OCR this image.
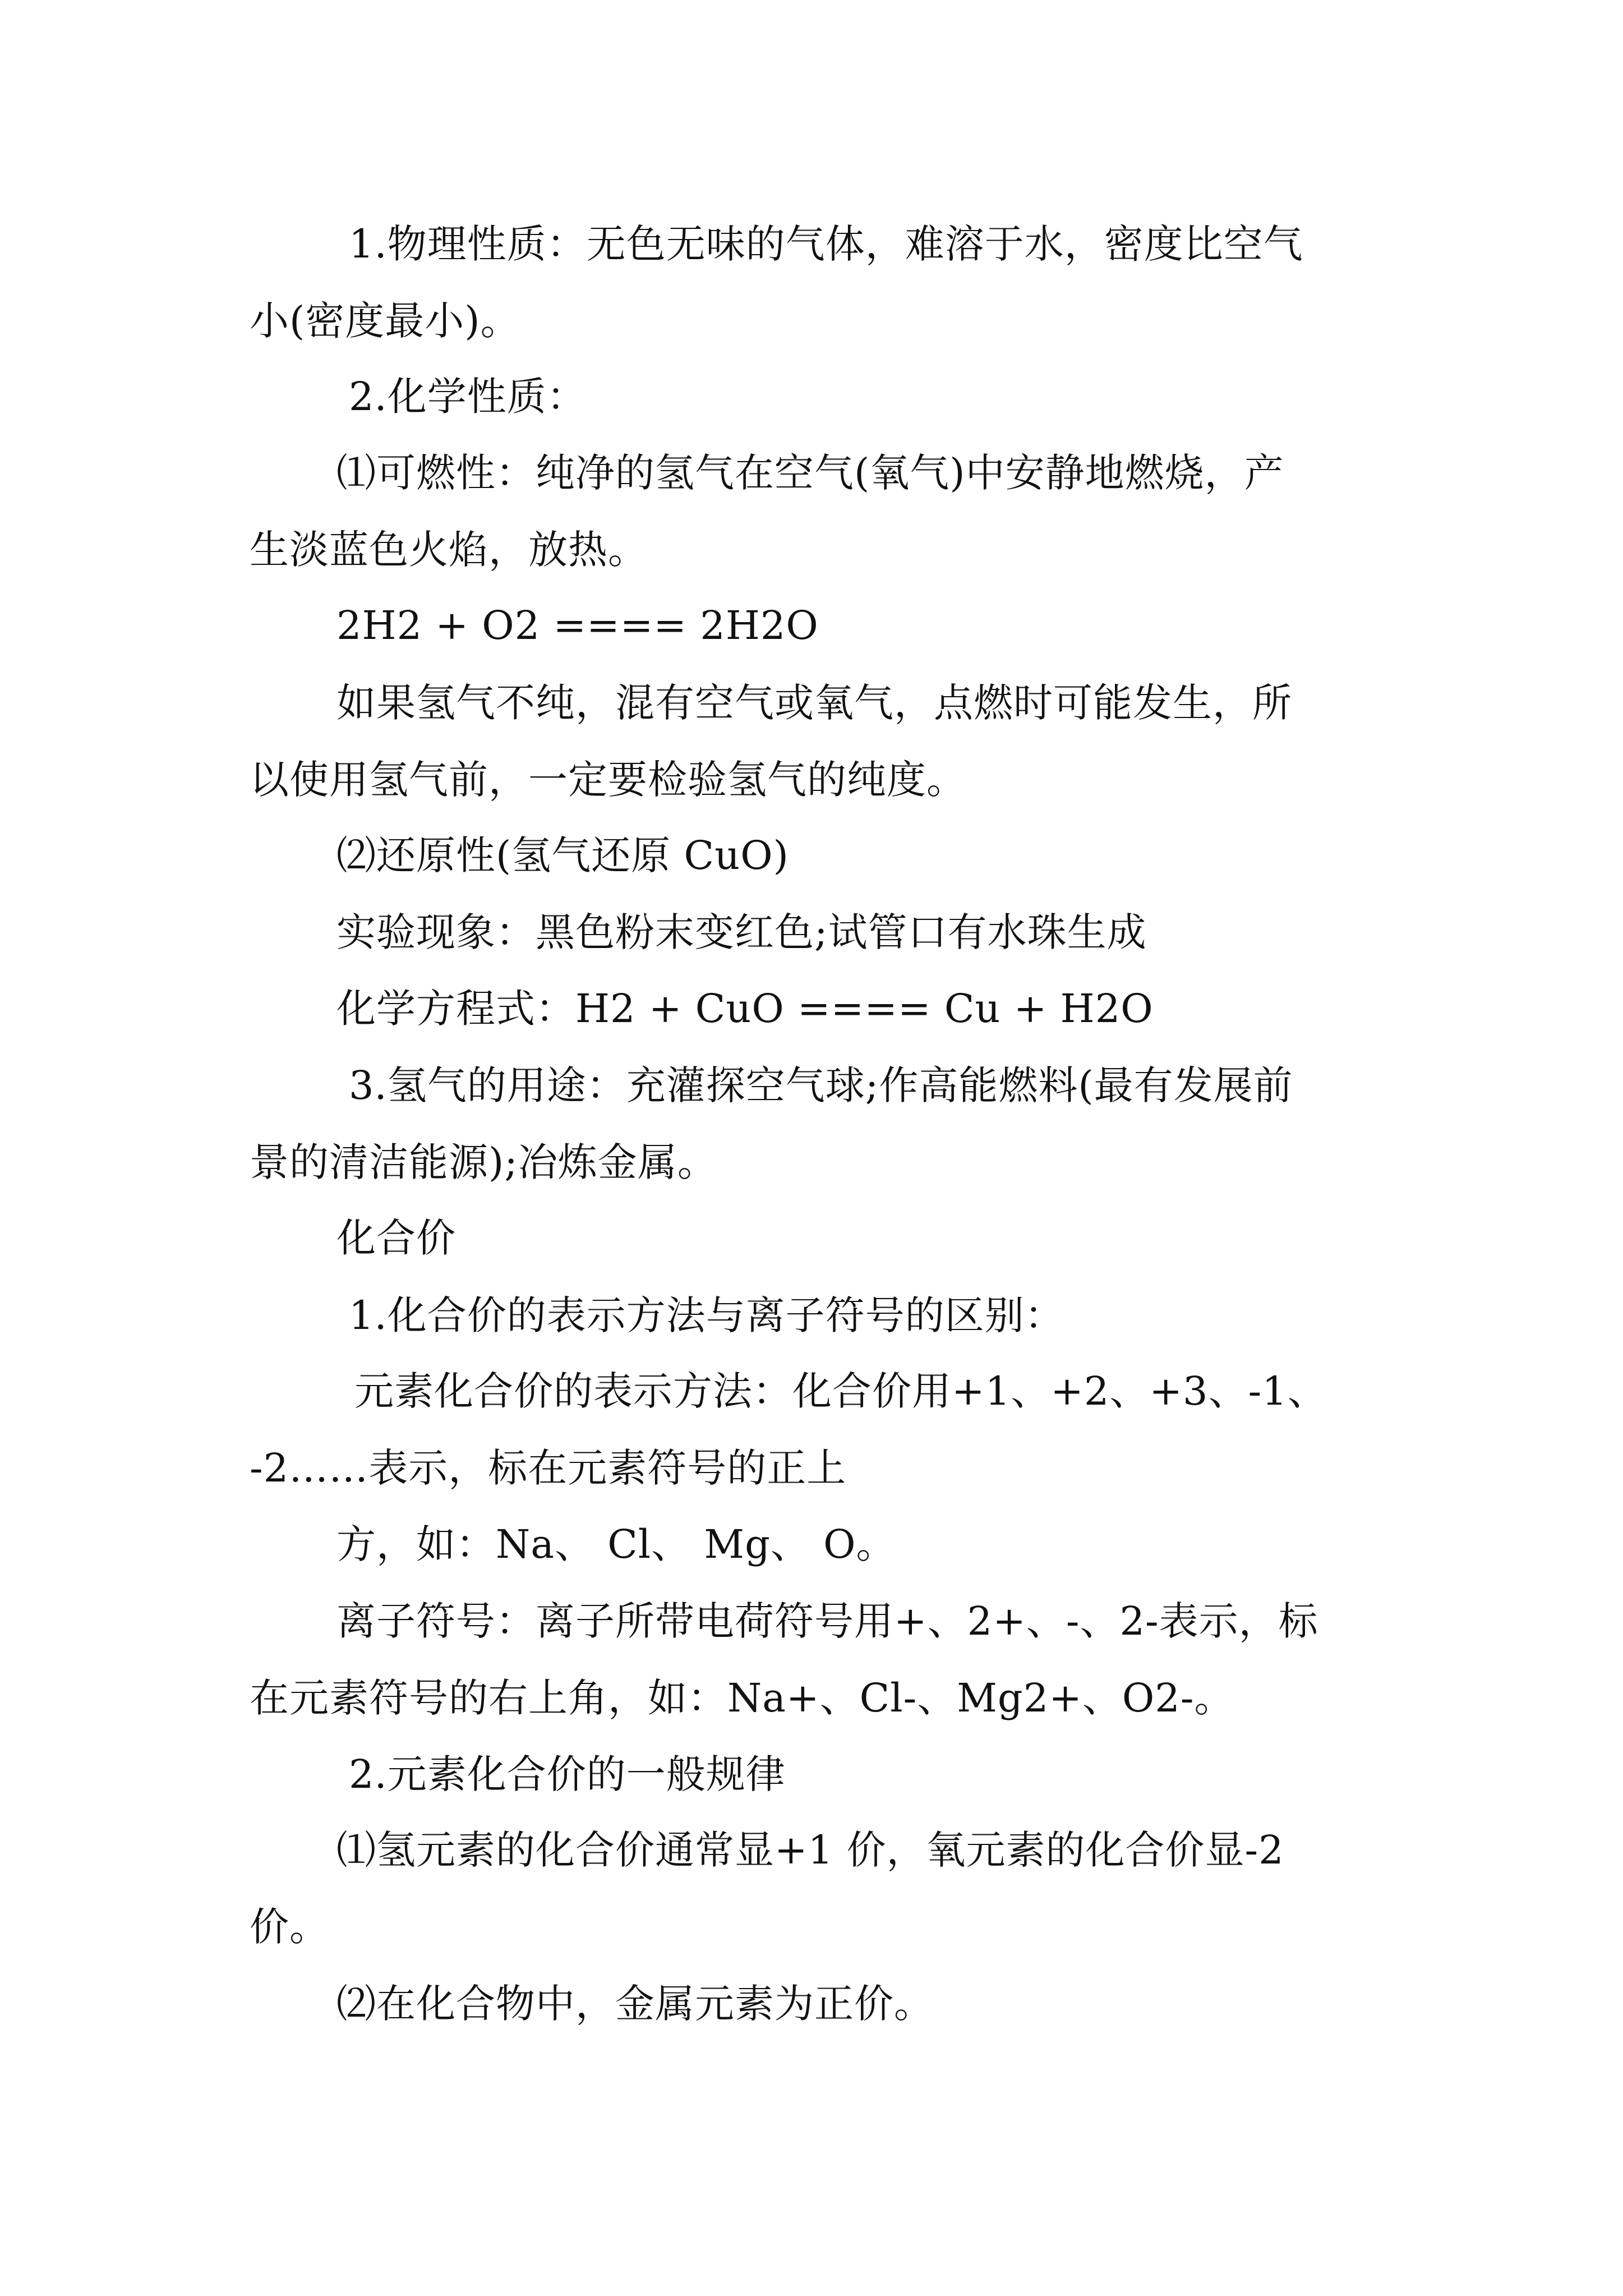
1.物理性质：无色无味的气体，难溶于水，密度比空气
小(密度最小)。
2.化学性质：
⑴可燃性：纯净的氢气在空气(氧气)中安静地燃烧，产
生淡蓝色火焰，放热。
2H2 + O2 ==== 2H2O
如果氢气不纯，混有空气或氧气，点燃时可能发生，所
以使用氢气前，一定要检验氢气的纯度。
⑵还原性(氢气还原 CuO)
实验现象：黑色粉末变红色;试管口有水珠生成
化学方程式：H2 + CuO ==== Cu + H2O
3.氢气的用途：充灌探空气球;作高能燃料(最有发展前
景的清洁能源);冶炼金属。
化合价
1.化合价的表示方法与离子符号的区别：
元素化合价的表示方法：化合价用+1、+2、+3、-1、
-2……表示，标在元素符号的正上
方，如：Na、 Cl、 Mg、 O。
离子符号：离子所带电荷符号用+、2+、-、2-表示，标
在元素符号的右上角，如：Na+、Cl-、Mg2+、O2-。
2.元素化合价的一般规律
⑴氢元素的化合价通常显+1 价，氧元素的化合价显-2
价。
⑵在化合物中，金属元素为正价。
